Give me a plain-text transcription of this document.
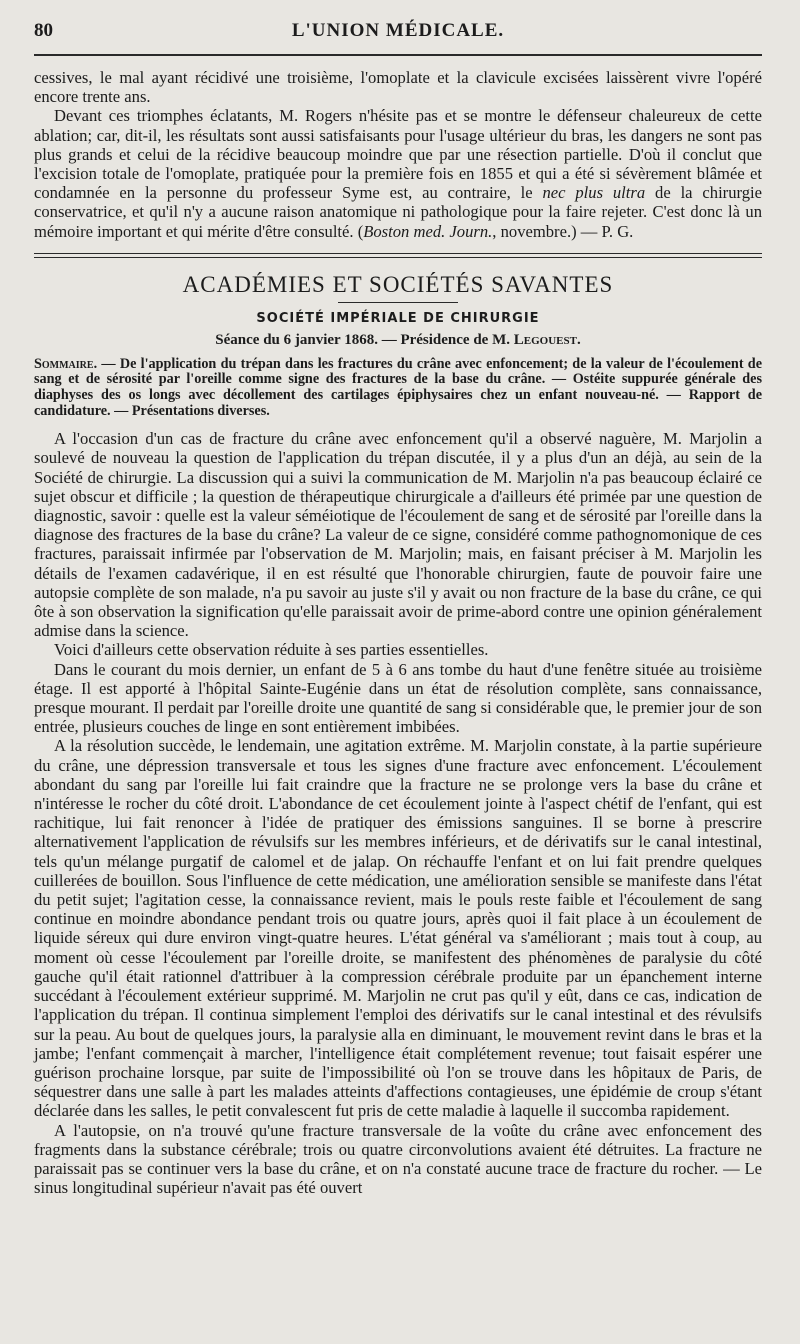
80	L'UNION MÉDICALE.

cessives, le mal ayant récidivé une troisième, l'omoplate et la clavicule excisées laissèrent vivre l'opéré encore trente ans.

Devant ces triomphes éclatants, M. Rogers n'hésite pas et se montre le défenseur chaleureux de cette ablation; car, dit-il, les résultats sont aussi satisfaisants pour l'usage ultérieur du bras, les dangers ne sont pas plus grands et celui de la récidive beaucoup moindre que par une résection partielle. D'où il conclut que l'excision totale de l'omoplate, pratiquée pour la première fois en 1855 et qui a été si sévèrement blâmée et condamnée en la personne du professeur Syme est, au contraire, le nec plus ultra de la chirurgie conservatrice, et qu'il n'y a aucune raison anatomique ni pathologique pour la faire rejeter. C'est donc là un mémoire important et qui mérite d'être consulté. (Boston med. Journ., novembre.) — P. G.

ACADÉMIES ET SOCIÉTÉS SAVANTES
SOCIÉTÉ IMPÉRIALE DE CHIRURGIE
Séance du 6 janvier 1868. — Présidence de M. Legouest.

Sommaire. — De l'application du trépan dans les fractures du crâne avec enfoncement; de la valeur de l'écoulement de sang et de sérosité par l'oreille comme signe des fractures de la base du crâne. — Ostéite suppurée générale des diaphyses des os longs avec décollement des cartilages épiphysaires chez un enfant nouveau-né. — Rapport de candidature. — Présentations diverses.

A l'occasion d'un cas de fracture du crâne avec enfoncement qu'il a observé naguère, M. Marjolin a soulevé de nouveau la question de l'application du trépan discutée, il y a plus d'un an déjà, au sein de la Société de chirurgie. La discussion qui a suivi la communication de M. Marjolin n'a pas beaucoup éclairé ce sujet obscur et difficile ; la question de thérapeutique chirurgicale a d'ailleurs été primée par une question de diagnostic, savoir : quelle est la valeur séméiotique de l'écoulement de sang et de sérosité par l'oreille dans la diagnose des fractures de la base du crâne? La valeur de ce signe, considéré comme pathognomonique de ces fractures, paraissait infirmée par l'observation de M. Marjolin; mais, en faisant préciser à M. Marjolin les détails de l'examen cadavérique, il en est résulté que l'honorable chirurgien, faute de pouvoir faire une autopsie complète de son malade, n'a pu savoir au juste s'il y avait ou non fracture de la base du crâne, ce qui ôte à son observation la signification qu'elle paraissait avoir de prime-abord contre une opinion généralement admise dans la science.

Voici d'ailleurs cette observation réduite à ses parties essentielles.

Dans le courant du mois dernier, un enfant de 5 à 6 ans tombe du haut d'une fenêtre située au troisième étage. Il est apporté à l'hôpital Sainte-Eugénie dans un état de résolution complète, sans connaissance, presque mourant. Il perdait par l'oreille droite une quantité de sang si considérable que, le premier jour de son entrée, plusieurs couches de linge en sont entièrement imbibées.

A la résolution succède, le lendemain, une agitation extrême. M. Marjolin constate, à la partie supérieure du crâne, une dépression transversale et tous les signes d'une fracture avec enfoncement. L'écoulement abondant du sang par l'oreille lui fait craindre que la fracture ne se prolonge vers la base du crâne et n'intéresse le rocher du côté droit. L'abondance de cet écoulement jointe à l'aspect chétif de l'enfant, qui est rachitique, lui fait renoncer à l'idée de pratiquer des émissions sanguines. Il se borne à prescrire alternativement l'application de révulsifs sur les membres inférieurs, et de dérivatifs sur le canal intestinal, tels qu'un mélange purgatif de calomel et de jalap. On réchauffe l'enfant et on lui fait prendre quelques cuillerées de bouillon. Sous l'influence de cette médication, une amélioration sensible se manifeste dans l'état du petit sujet; l'agitation cesse, la connaissance revient, mais le pouls reste faible et l'écoulement de sang continue en moindre abondance pendant trois ou quatre jours, après quoi il fait place à un écoulement de liquide séreux qui dure environ vingt-quatre heures. L'état général va s'améliorant ; mais tout à coup, au moment où cesse l'écoulement par l'oreille droite, se manifestent des phénomènes de paralysie du côté gauche qu'il était rationnel d'attribuer à la compression cérébrale produite par un épanchement interne succédant à l'écoulement extérieur supprimé. M. Marjolin ne crut pas qu'il y eût, dans ce cas, indication de l'application du trépan. Il continua simplement l'emploi des dérivatifs sur le canal intestinal et des révulsifs sur la peau. Au bout de quelques jours, la paralysie alla en diminuant, le mouvement revint dans le bras et la jambe; l'enfant commençait à marcher, l'intelligence était complétement revenue; tout faisait espérer une guérison prochaine lorsque, par suite de l'impossibilité où l'on se trouve dans les hôpitaux de Paris, de séquestrer dans une salle à part les malades atteints d'affections contagieuses, une épidémie de croup s'étant déclarée dans les salles, le petit convalescent fut pris de cette maladie à laquelle il succomba rapidement.

A l'autopsie, on n'a trouvé qu'une fracture transversale de la voûte du crâne avec enfoncement des fragments dans la substance cérébrale; trois ou quatre circonvolutions avaient été détruites. La fracture ne paraissait pas se continuer vers la base du crâne, et on n'a constaté aucune trace de fracture du rocher. — Le sinus longitudinal supérieur n'avait pas été ouvert
